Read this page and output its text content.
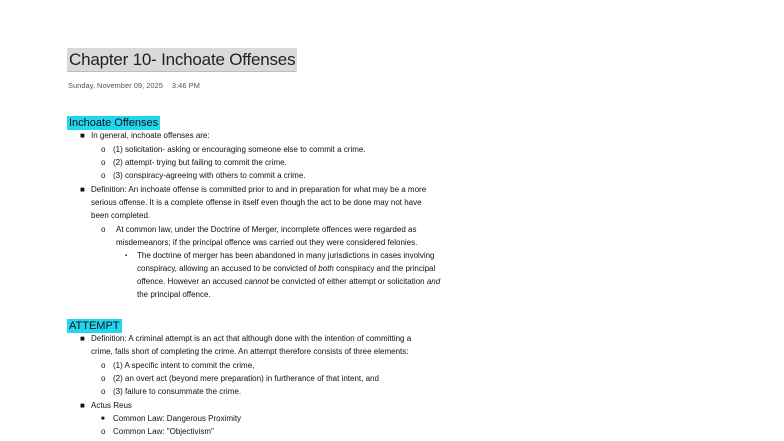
Chapter 10- Inchoate Offenses
Sunday, November 09, 2025 3:46 PM
Inchoate Offenses
■ In general, inchoate offenses are:
o (1) solicitation- asking or encouraging someone else to commit a crime.
o (2) attempt- trying but failing to commit the crime.
o (3) conspiracy-agreeing with others to commit a crime.
■ Definition: An inchoate offense is committed prior to and in preparation for what may be a more
serious offense. It is a complete offense in itself even though the act to be done may not have
been completed.
o At common law, under the Doctrine of Merger, incomplete offences were regarded as
misdemeanors; if the principal offence was carried out they were considered felonies.
▪ The doctrine of merger has been abandoned in many jurisdictions in cases involving
conspiracy, allowing an accused to be convicted of both conspiracy and the principal
offence. However an accused cannot be convicted of either attempt or solicitation and
the principal offence.
ATTEMPT
■ Definition: A criminal attempt is an act that although done with the intention of committing a
crime, falls short of completing the crime. An attempt therefore consists of three elements:
o (1) A specific intent to commit the crime,
o (2) an overt act (beyond mere preparation) in furtherance of that intent, and
o (3) failure to consummate the crime.
■ Actus Reus
■ Common Law: Dangerous Proximity
o Common Law: "Objectivism"
